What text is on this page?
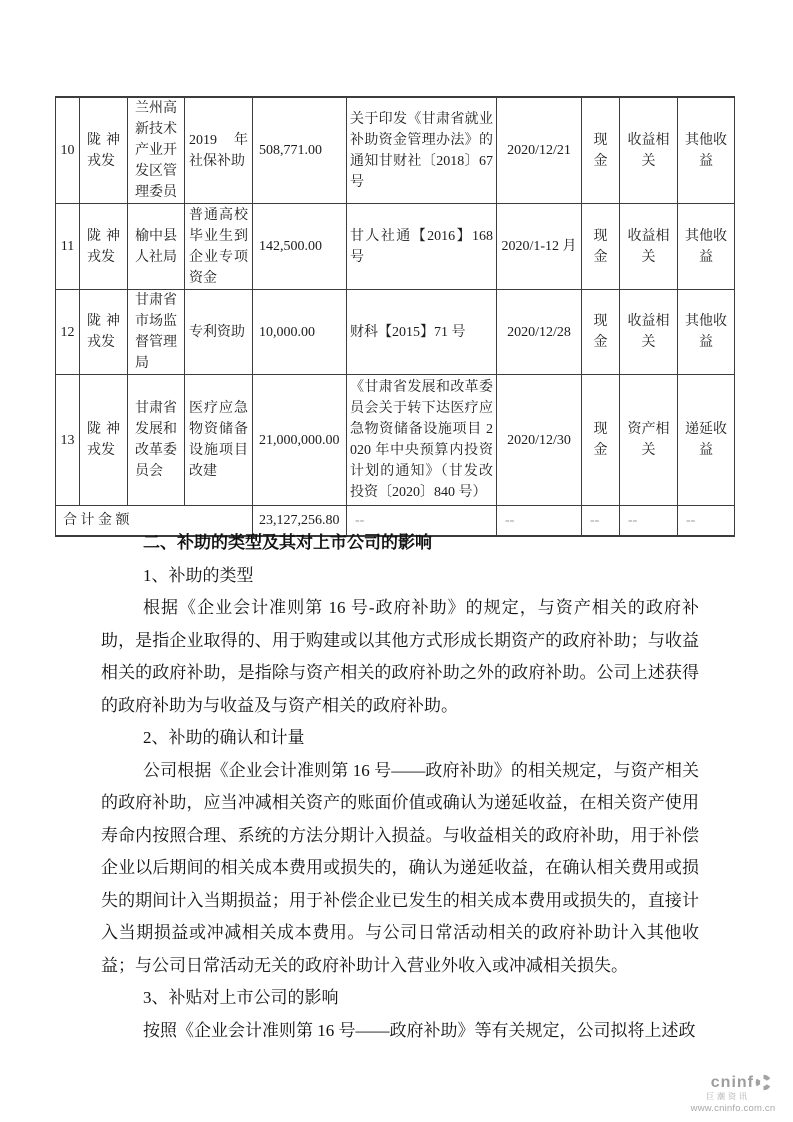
10	陇神戎发	兰州高新技术产业开发区管理委员	2019 年社保补助	508,771.00	关于印发《甘肃省就业补助资金管理办法》的通知甘财社〔2018〕67 号	2020/12/21	现金	收益相关	其他收益
11	陇神戎发	榆中县人社局	普通高校毕业生到企业专项资金	142,500.00	甘人社通【2016】168 号	2020/1-12 月	现金	收益相关	其他收益
12	陇神戎发	甘肃省市场监督管理局	专利资助	10,000.00	财科【2015】71 号	2020/12/28	现金	收益相关	其他收益
13	陇神戎发	甘肃省发展和改革委员会	医疗应急物资储备设施项目改建	21,000,000.00	《甘肃省发展和改革委员会关于转下达医疗应急物资储备设施项目 2020 年中央预算内投资计划的通知》（甘发改投资〔2020〕840 号）	2020/12/30	现金	资产相关	递延收益
合 计 金 额				23,127,256.80	--	--	--	--	--

二、补助的类型及其对上市公司的影响

1、补助的类型

根据《企业会计准则第 16 号-政府补助》的规定，与资产相关的政府补助，是指企业取得的、用于购建或以其他方式形成长期资产的政府补助；与收益相关的政府补助，是指除与资产相关的政府补助之外的政府补助。公司上述获得的政府补助为与收益及与资产相关的政府补助。

2、补助的确认和计量

公司根据《企业会计准则第 16 号——政府补助》的相关规定，与资产相关的政府补助，应当冲减相关资产的账面价值或确认为递延收益，在相关资产使用寿命内按照合理、系统的方法分期计入损益。与收益相关的政府补助，用于补偿企业以后期间的相关成本费用或损失的，确认为递延收益，在确认相关费用或损失的期间计入当期损益；用于补偿企业已发生的相关成本费用或损失的，直接计入当期损益或冲减相关成本费用。与公司日常活动相关的政府补助计入其他收益；与公司日常活动无关的政府补助计入营业外收入或冲减相关损失。

3、补贴对上市公司的影响

按照《企业会计准则第 16 号——政府补助》等有关规定，公司拟将上述政

cninf
巨潮资讯
www.cninfo.com.cn
